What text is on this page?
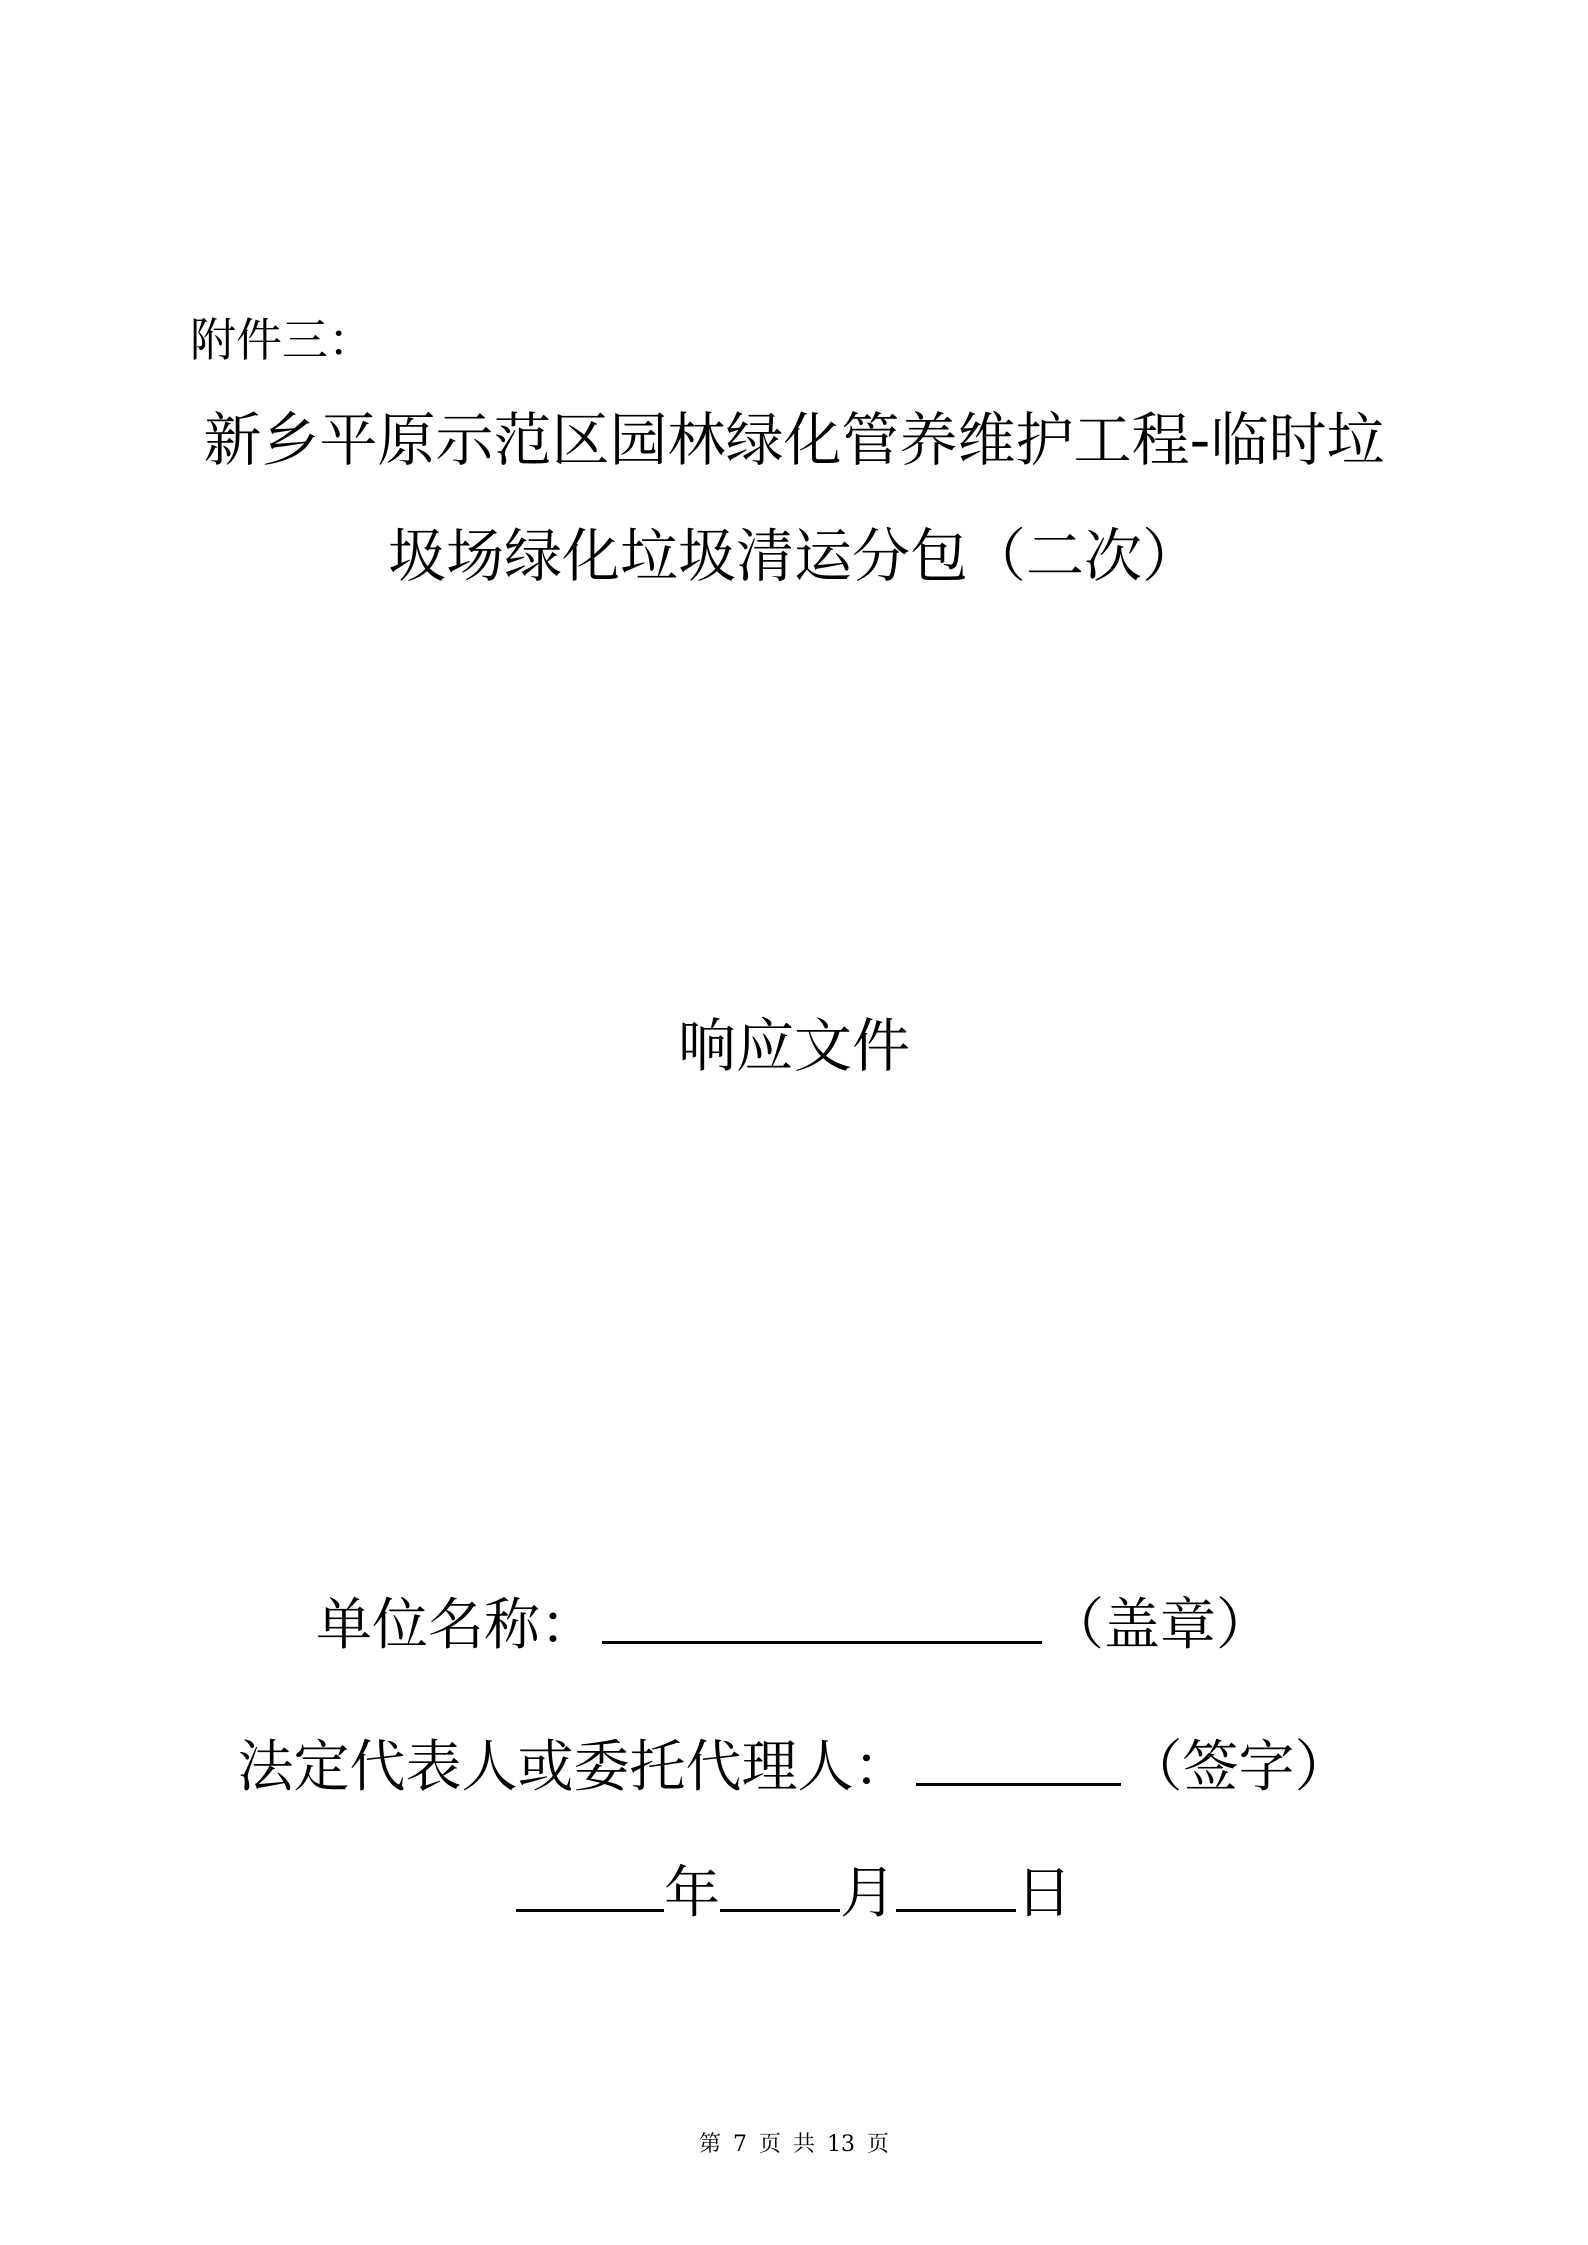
附件三：
新乡平原示范区园林绿化管养维护工程-临时垃
圾场绿化垃圾清运分包（二次）
响应文件
单位名称：	（盖章）
法定代表人或委托代理人：	（签字）
年 月 日
第 7 页 共 13 页
